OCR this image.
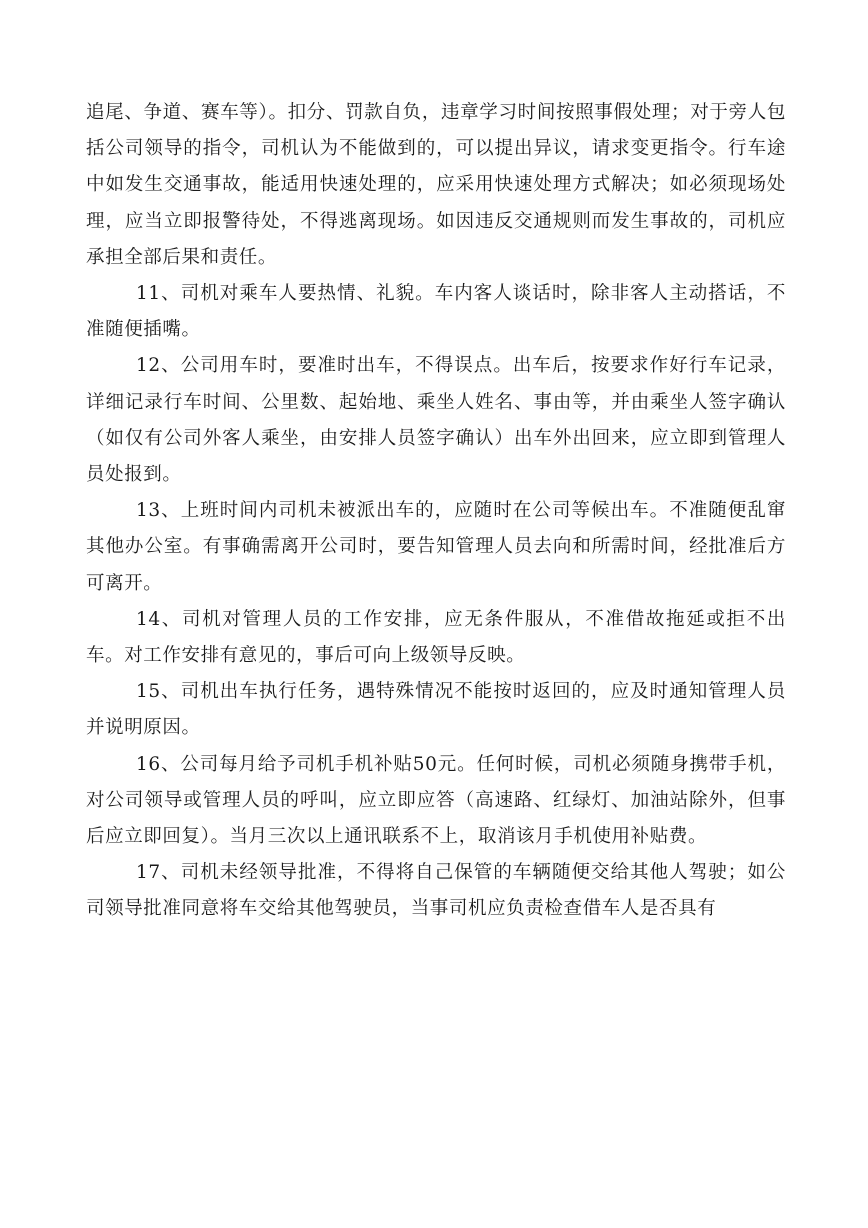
追尾、争道、赛车等）。扣分、罚款自负，违章学习时间按照事假处理；对于旁人包括公司领导的指令，司机认为不能做到的，可以提出异议，请求变更指令。行车途中如发生交通事故，能适用快速处理的，应采用快速处理方式解决；如必须现场处理，应当立即报警待处，不得逃离现场。如因违反交通规则而发生事故的，司机应承担全部后果和责任。

11、司机对乘车人要热情、礼貌。车内客人谈话时，除非客人主动搭话，不准随便插嘴。

12、公司用车时，要准时出车，不得误点。出车后，按要求作好行车记录，详细记录行车时间、公里数、起始地、乘坐人姓名、事由等，并由乘坐人签字确认（如仅有公司外客人乘坐，由安排人员签字确认）出车外出回来，应立即到管理人员处报到。

13、上班时间内司机未被派出车的，应随时在公司等候出车。不准随便乱窜其他办公室。有事确需离开公司时，要告知管理人员去向和所需时间，经批准后方可离开。

14、司机对管理人员的工作安排，应无条件服从，不准借故拖延或拒不出车。对工作安排有意见的，事后可向上级领导反映。

15、司机出车执行任务，遇特殊情况不能按时返回的，应及时通知管理人员并说明原因。

16、公司每月给予司机手机补贴50元。任何时候，司机必须随身携带手机，对公司领导或管理人员的呼叫，应立即应答（高速路、红绿灯、加油站除外，但事后应立即回复）。当月三次以上通讯联系不上，取消该月手机使用补贴费。

17、司机未经领导批准，不得将自己保管的车辆随便交给其他人驾驶；如公司领导批准同意将车交给其他驾驶员，当事司机应负责检查借车人是否具有
